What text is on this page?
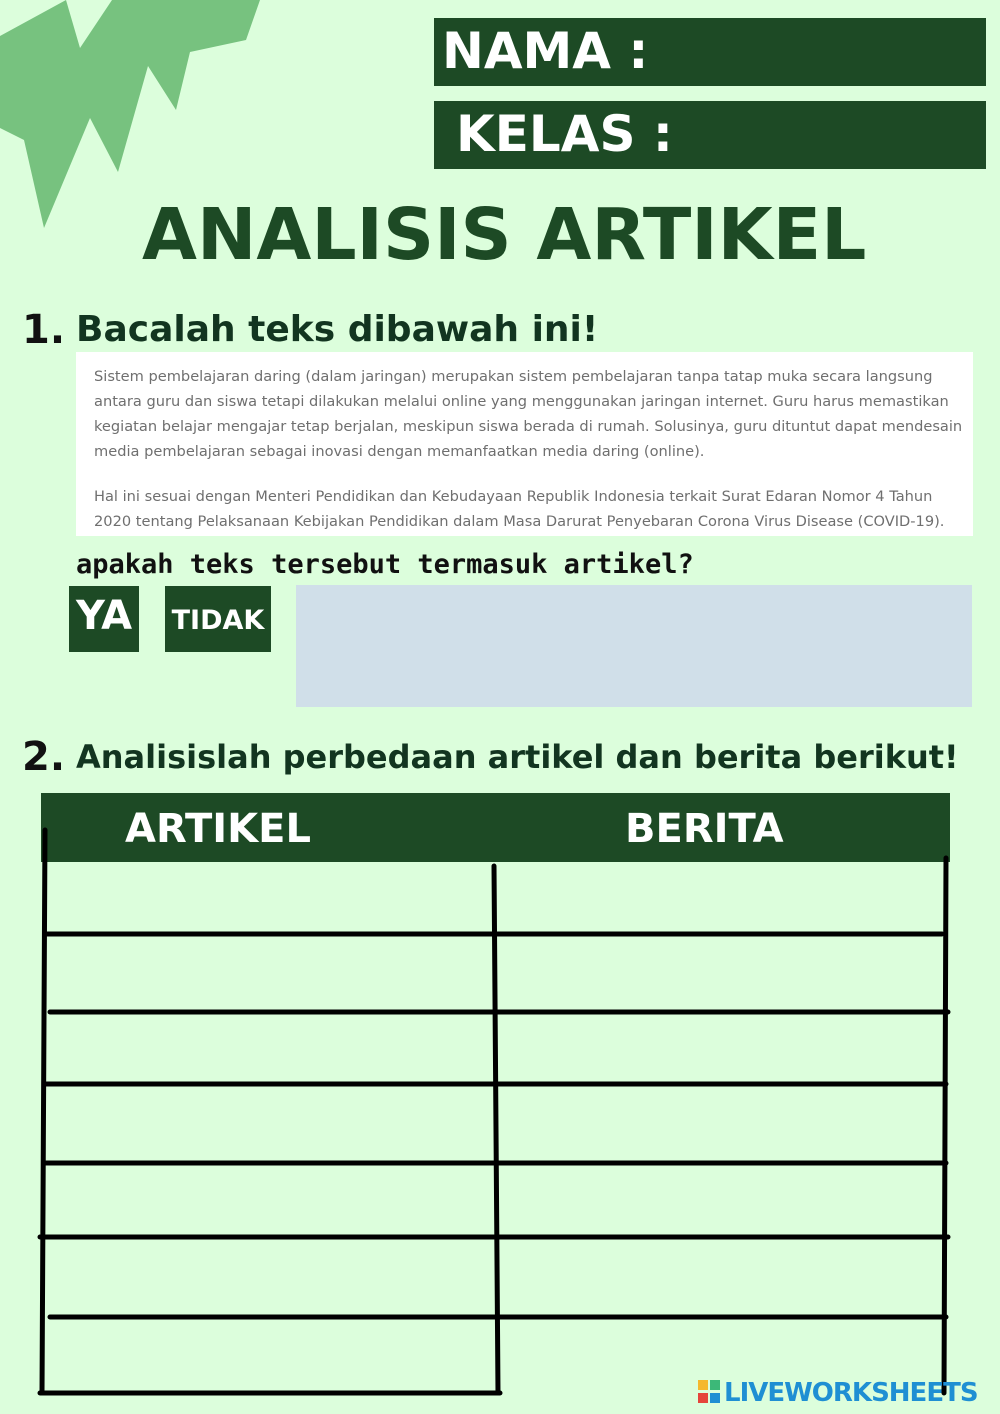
NAMA :
KELAS :
ANALISIS ARTIKEL
1. Bacalah teks dibawah ini!

Sistem pembelajaran daring (dalam jaringan) merupakan sistem pembelajaran tanpa tatap muka secara langsung antara guru dan siswa tetapi dilakukan melalui online yang menggunakan jaringan internet. Guru harus memastikan kegiatan belajar mengajar tetap berjalan, meskipun siswa berada di rumah. Solusinya, guru dituntut dapat mendesain media pembelajaran sebagai inovasi dengan memanfaatkan media daring (online).

Hal ini sesuai dengan Menteri Pendidikan dan Kebudayaan Republik Indonesia terkait Surat Edaran Nomor 4 Tahun 2020 tentang Pelaksanaan Kebijakan Pendidikan dalam Masa Darurat Penyebaran Corona Virus Disease (COVID-19).

apakah teks tersebut termasuk artikel?
YA TIDAK
2. Analisislah perbedaan artikel dan berita berikut!
ARTIKEL	BERITA
LIVEWORKSHEETS
